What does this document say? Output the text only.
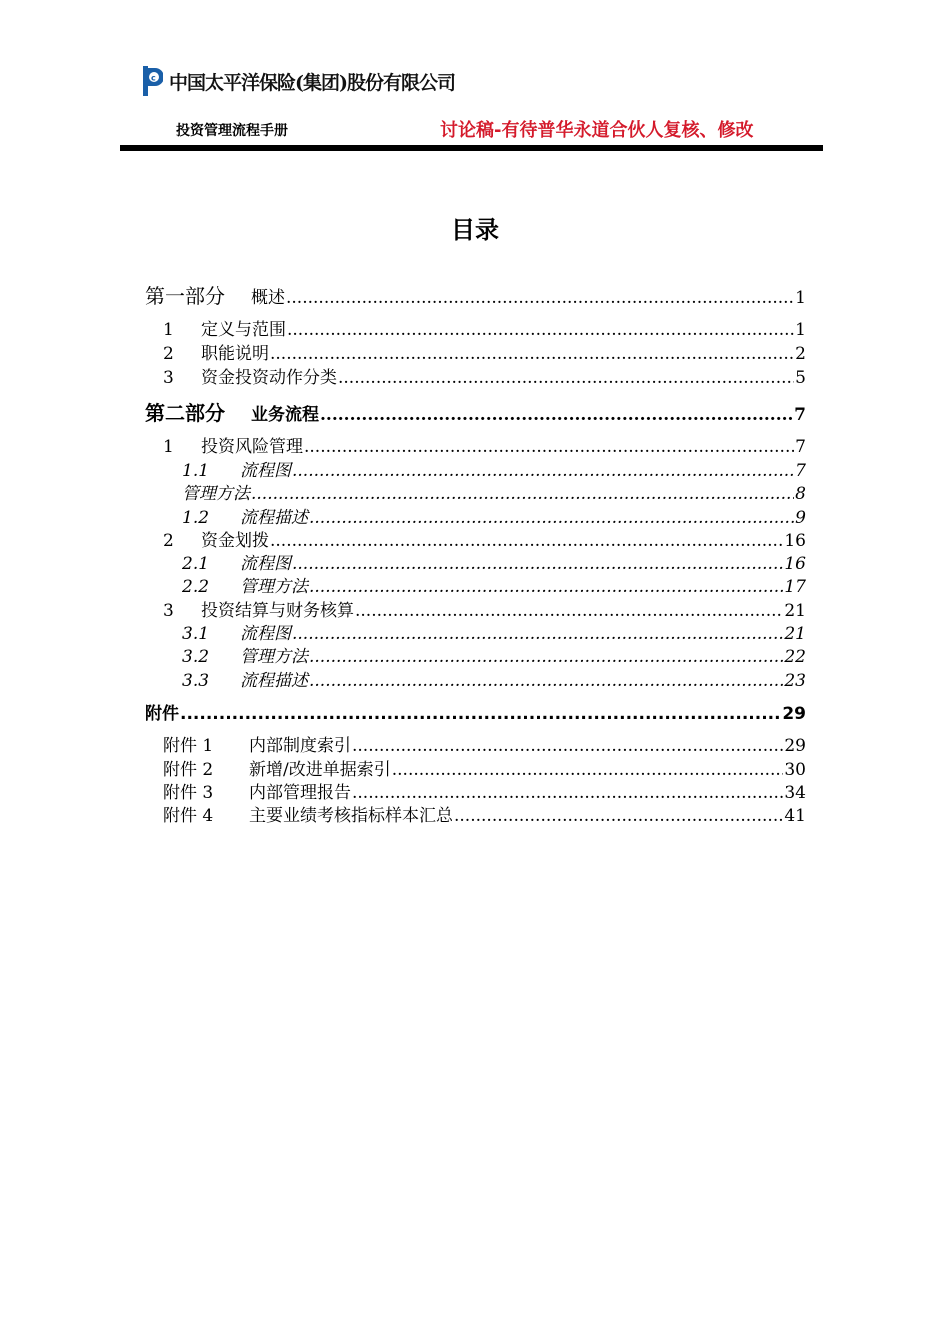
c 中国太平洋保险(集团)股份有限公司
投资管理流程手册	讨论稿-有待普华永道合伙人复核、修改
目录
第一部分 概述 .....	1
1	定义与范围 .....	1
2	职能说明 .....	2
3	资金投资动作分类 .....	5
第二部分 业务流程 .....	7
1	投资风险管理 .....	7
1.1	流程图 .....	7
管理方法 .....	8
1.2	流程描述 .....	9
2	资金划拨 .....	16
2.1	流程图 .....	16
2.2	管理方法 .....	17
3	投资结算与财务核算 .....	21
3.1	流程图 .....	21
3.2	管理方法 .....	22
3.3	流程描述 .....	23
附件 .....	29
附件 1	内部制度索引 .....	29
附件 2	新增/改进单据索引 .....	30
附件 3	内部管理报告 .....	34
附件 4	主要业绩考核指标样本汇总 .....	41
